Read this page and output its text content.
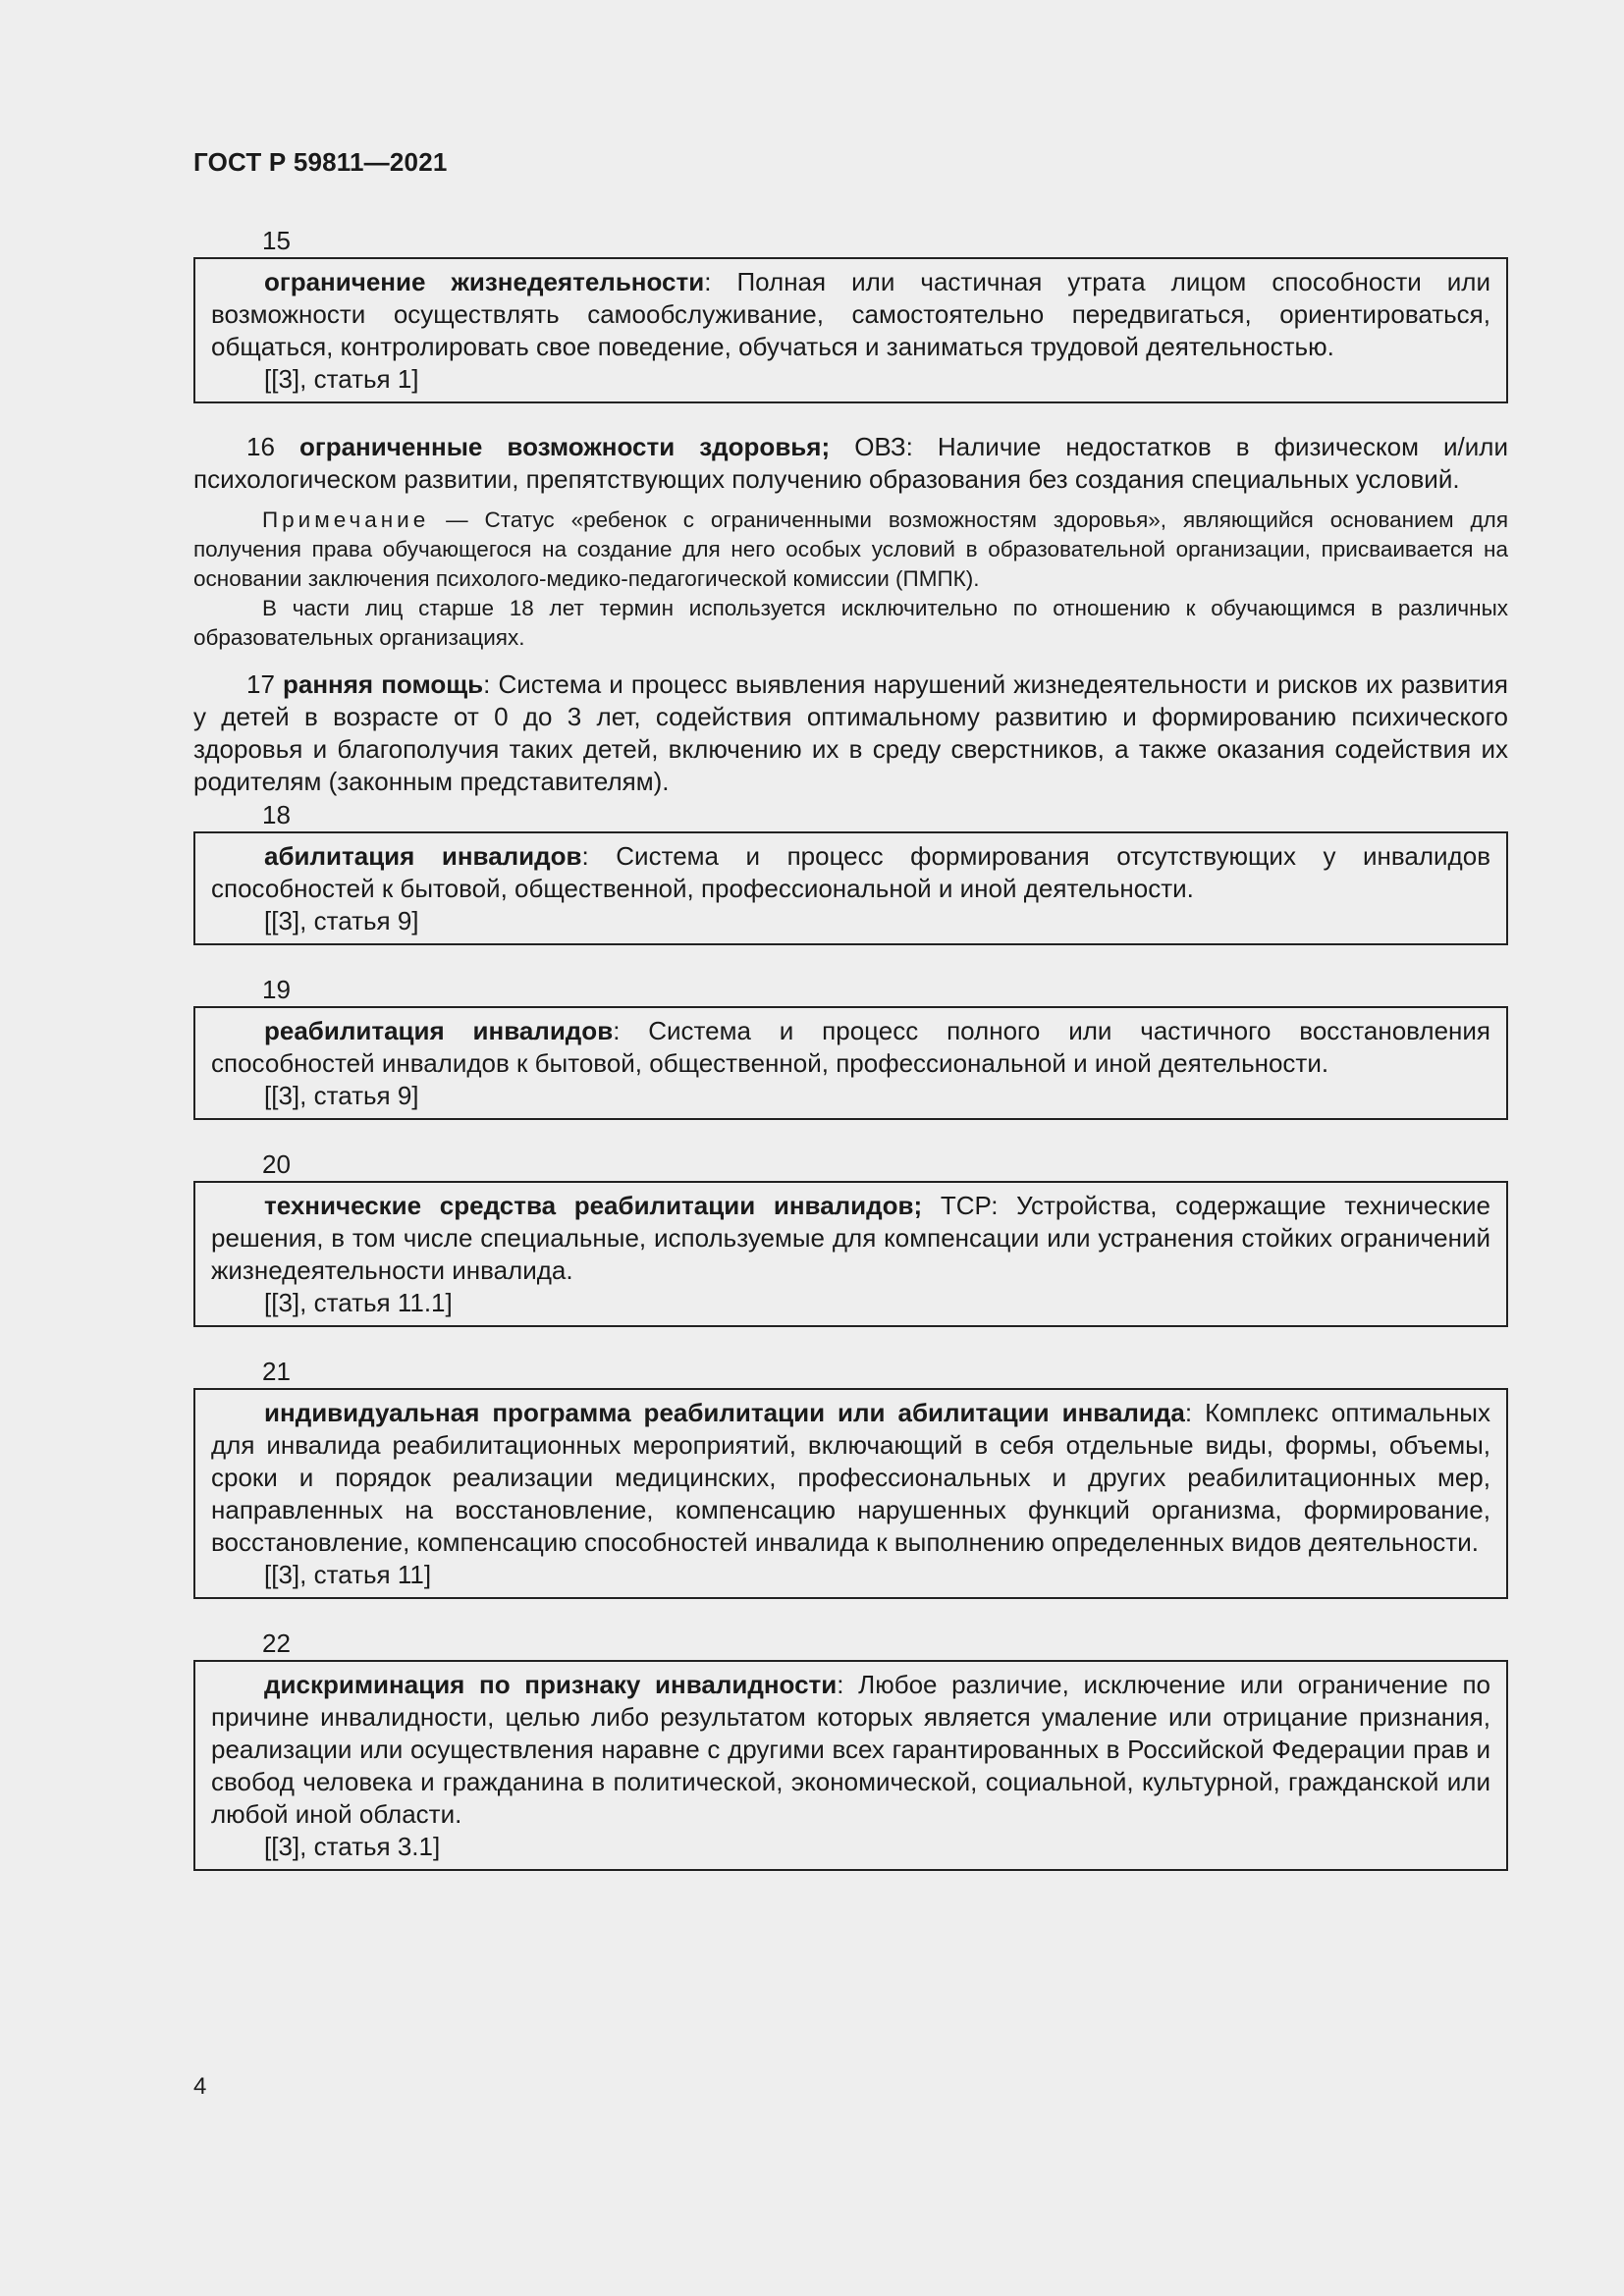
ГОСТ Р 59811—2021
15

ограничение жизнедеятельности: Полная или частичная утрата лицом способности или возможности осуществлять самообслуживание, самостоятельно передвигаться, ориентироваться, общаться, контролировать свое поведение, обучаться и заниматься трудовой деятельностью.

[[3], статья 1]

16 ограниченные возможности здоровья; ОВЗ: Наличие недостатков в физическом и/или психологическом развитии, препятствующих получению образования без создания специальных условий.

Примечание — Статус «ребенок с ограниченными возможностям здоровья», являющийся основанием для получения права обучающегося на создание для него особых условий в образовательной организации, присваивается на основании заключения психолого-медико-педагогической комиссии (ПМПК).

В части лиц старше 18 лет термин используется исключительно по отношению к обучающимся в различных образовательных организациях.

17 ранняя помощь: Система и процесс выявления нарушений жизнедеятельности и рисков их развития у детей в возрасте от 0 до 3 лет, содействия оптимальному развитию и формированию психического здоровья и благополучия таких детей, включению их в среду сверстников, а также оказания содействия их родителям (законным представителям).

18

абилитация инвалидов: Система и процесс формирования отсутствующих у инвалидов способностей к бытовой, общественной, профессиональной и иной деятельности.

[[3], статья 9]

19

реабилитация инвалидов: Система и процесс полного или частичного восстановления способностей инвалидов к бытовой, общественной, профессиональной и иной деятельности.

[[3], статья 9]

20

технические средства реабилитации инвалидов; ТСР: Устройства, содержащие технические решения, в том числе специальные, используемые для компенсации или устранения стойких ограничений жизнедеятельности инвалида.

[[3], статья 11.1]

21

индивидуальная программа реабилитации или абилитации инвалида: Комплекс оптимальных для инвалида реабилитационных мероприятий, включающий в себя отдельные виды, формы, объемы, сроки и порядок реализации медицинских, профессиональных и других реабилитационных мер, направленных на восстановление, компенсацию нарушенных функций организма, формирование, восстановление, компенсацию способностей инвалида к выполнению определенных видов деятельности.

[[3], статья 11]

22

дискриминация по признаку инвалидности: Любое различие, исключение или ограничение по причине инвалидности, целью либо результатом которых является умаление или отрицание признания, реализации или осуществления наравне с другими всех гарантированных в Российской Федерации прав и свобод человека и гражданина в политической, экономической, социальной, культурной, гражданской или любой иной области.

[[3], статья 3.1]

4
